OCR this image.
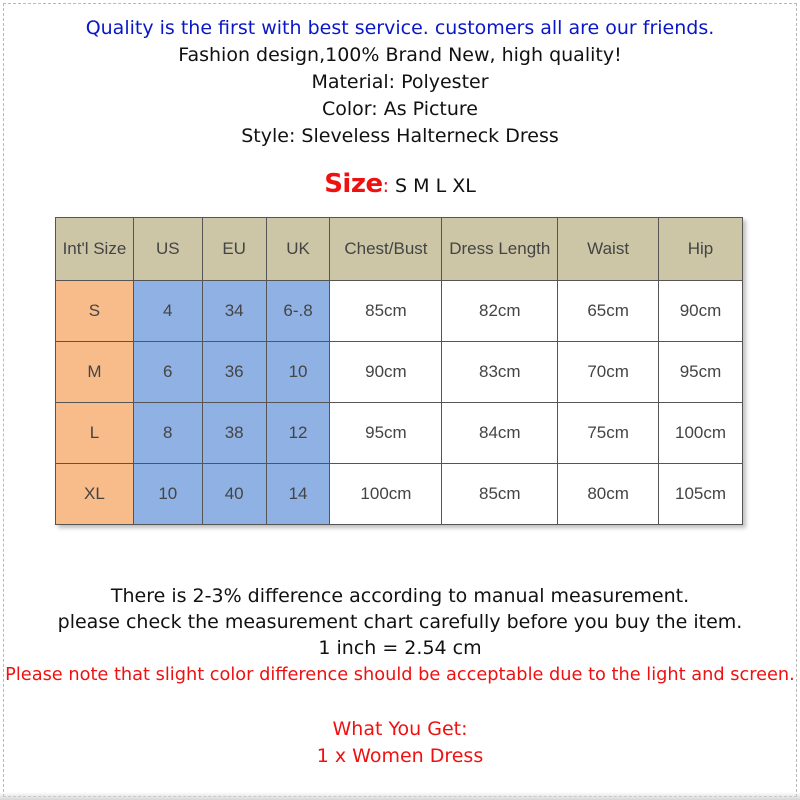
Quality is the first with best service. customers all are our friends.
Fashion design,100% Brand New, high quality!
Material: Polyester
Color: As Picture
Style: Sleveless Halterneck Dress
Size: S M L XL
Int'l Size	US	EU	UK	Chest/Bust	Dress Length	Waist	Hip
S	4	34	6-.8	85cm	82cm	65cm	90cm
M	6	36	10	90cm	83cm	70cm	95cm
L	8	38	12	95cm	84cm	75cm	100cm
XL	10	40	14	100cm	85cm	80cm	105cm
There is 2-3% difference according to manual measurement.
please check the measurement chart carefully before you buy the item.
1 inch = 2.54 cm
Please note that slight color difference should be acceptable due to the light and screen.
What You Get:
1 x Women Dress
